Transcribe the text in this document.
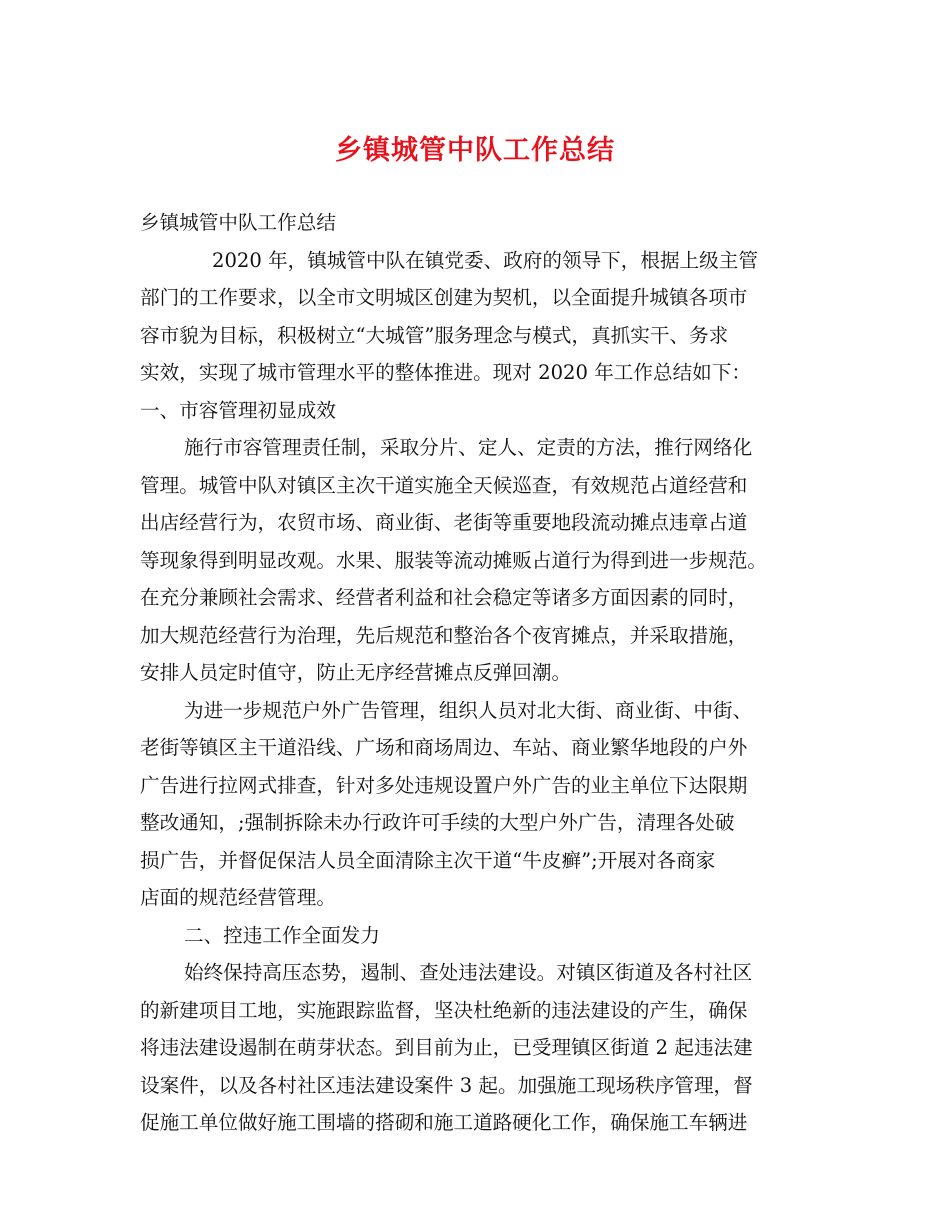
乡镇城管中队工作总结
乡镇城管中队工作总结
2020 年，镇城管中队在镇党委、政府的领导下，根据上级主管
部门的工作要求，以全市文明城区创建为契机，以全面提升城镇各项市
容市貌为目标，积极树立“大城管”服务理念与模式，真抓实干、务求
实效，实现了城市管理水平的整体推进。现对 2020 年工作总结如下：
一、市容管理初显成效
施行市容管理责任制，采取分片、定人、定责的方法，推行网络化
管理。城管中队对镇区主次干道实施全天候巡查，有效规范占道经营和
出店经营行为，农贸市场、商业街、老街等重要地段流动摊点违章占道
等现象得到明显改观。水果、服装等流动摊贩占道行为得到进一步规范。
在充分兼顾社会需求、经营者利益和社会稳定等诸多方面因素的同时，
加大规范经营行为治理，先后规范和整治各个夜宵摊点，并采取措施，
安排人员定时值守，防止无序经营摊点反弹回潮。
为进一步规范户外广告管理，组织人员对北大街、商业街、中街、
老街等镇区主干道沿线、广场和商场周边、车站、商业繁华地段的户外
广告进行拉网式排查，针对多处违规设置户外广告的业主单位下达限期
整改通知，;强制拆除未办行政许可手续的大型户外广告，清理各处破
损广告，并督促保洁人员全面清除主次干道“牛皮癣”;开展对各商家
店面的规范经营管理。
二、控违工作全面发力
始终保持高压态势，遏制、查处违法建设。对镇区街道及各村社区
的新建项目工地，实施跟踪监督，坚决杜绝新的违法建设的产生，确保
将违法建设遏制在萌芽状态。到目前为止，已受理镇区街道 2 起违法建
设案件，以及各村社区违法建设案件 3 起。加强施工现场秩序管理，督
促施工单位做好施工围墙的搭砌和施工道路硬化工作，确保施工车辆进
